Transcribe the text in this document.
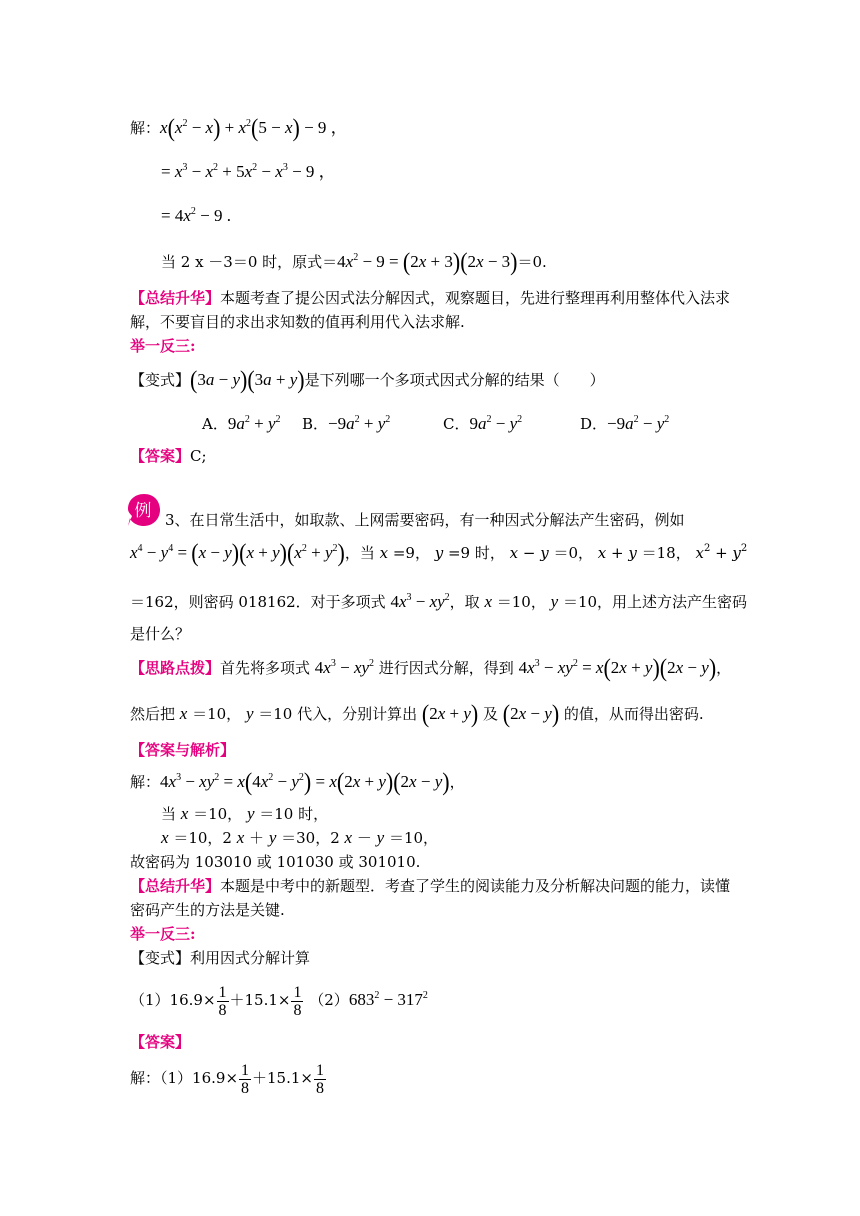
解：$x(x^2 - x) + x^2(5 - x) - 9$ ，
= $x^3 - x^2 + 5x^2 - x^3 - 9$ ，
= $4x^2 - 9$ .
当 2 x －3＝0 时，原式$=4x^2 - 9 = (2x + 3)(2x - 3)=0$.
【总结升华】本题考查了提公因式法分解因式，观察题目，先进行整理再利用整体代入法求
解，不要盲目的求出求知数的值再利用代入法求解.
举一反三:
【变式】(3a − y)(3a + y)是下列哪一个多项式因式分解的结果（　　）
A．$9a^2 + y^2$ B．$-9a^2 + y^2$	C．$9a^2 - y^2$	D．$-9a^2 - y^2$
【答案】C;
例 3、在日常生活中，如取款、上网需要密码，有一种因式分解法产生密码，例如
$x^4 - y^4 = (x - y)(x + y)(x^2 + y^2)$，当 x =9， y =9 时， x − y ＝0， x + y ＝18， $x^2 + y^2$
＝162，则密码 018162．对于多项式 $4x^3 - xy^2$，取 x ＝10， y ＝10，用上述方法产生密码
是什么？
【思路点拨】首先将多项式 $4x^3 - xy^2$ 进行因式分解，得到 $4x^3 - xy^2 = x(2x + y)(2x - y)$，
然后把 x ＝10， y ＝10 代入，分别计算出 (2x + y) 及 (2x − y) 的值，从而得出密码.
【答案与解析】
解：$4x^3 - xy^2 = x(4x^2 - y^2) = x(2x + y)(2x - y)$，
当 x ＝10， y ＝10 时，
x ＝10，2 x ＋ y ＝30，2 x － y ＝10，
故密码为 103010 或 101030 或 301010.
【总结升华】本题是中考中的新题型．考查了学生的阅读能力及分析解决问题的能力，读懂
密码产生的方法是关键.
举一反三:
【变式】利用因式分解计算
$(1)16.9\times \frac{1}{8} +15.1\times \frac{1}{8} (2)683^2 - 317^2$
【答案】
解：$(1)16.9\times \frac{1}{8} +15.1\times \frac{1}{8}$
